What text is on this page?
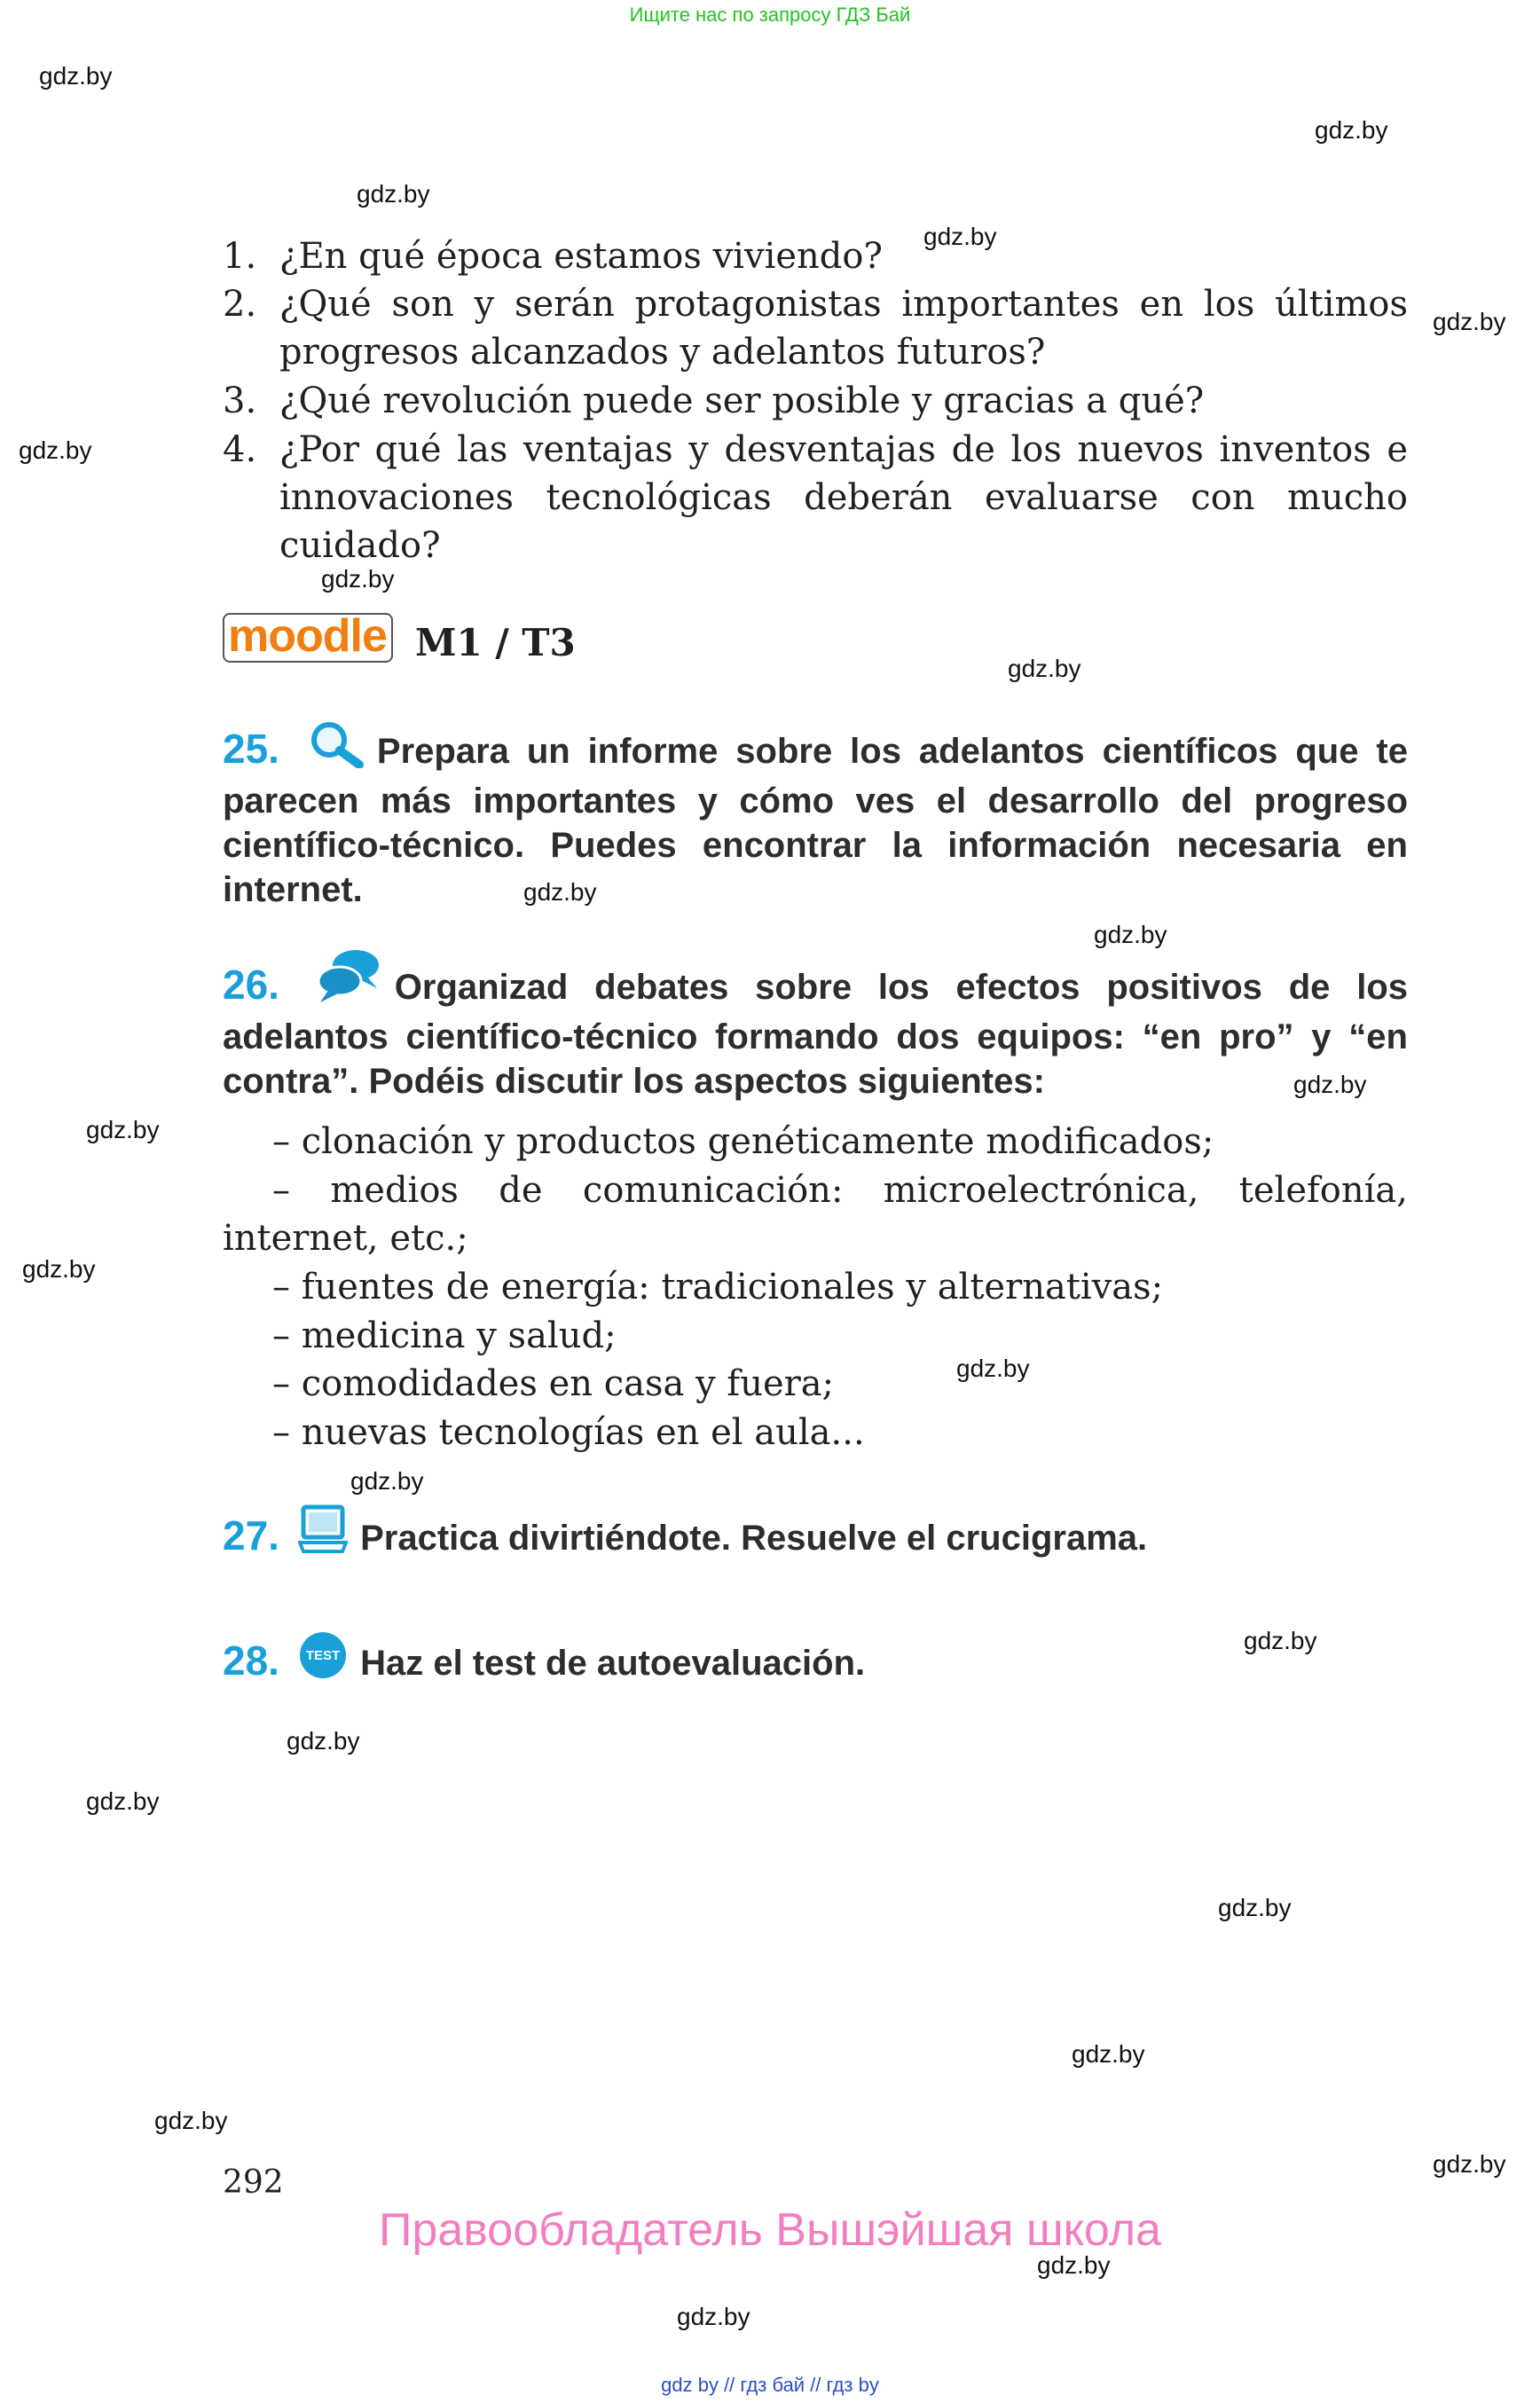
Ищите нас по запросу ГДЗ Бай
gdz.by
gdz.by
gdz.by
gdz.by
gdz.by
gdz.by
gdz.by
gdz.by
gdz.by
gdz.by
gdz.by
gdz.by
gdz.by
gdz.by
gdz.by
gdz.by
gdz.by
gdz.by
gdz.by
gdz.by
gdz.by
gdz.by
gdz.by
gdz.by
1. ¿En qué época estamos viviendo?
2. ¿Qué son y serán protagonistas importantes en los últimos progresos alcanzados y adelantos futuros?
3. ¿Qué revolución puede ser posible y gracias a qué?
4. ¿Por qué las ventajas y desventajas de los nuevos inventos e innovaciones tecnológicas deberán evaluarse con mucho cuidado?
moodle M1 / T3
25.	Prepara un informe sobre los adelantos científicos que te parecen más importantes y cómo ves el desarrollo del progreso científico-técnico. Puedes encontrar la información necesaria en internet.
26.	Organizad debates sobre los efectos positivos de los adelantos científico-técnico formando dos equipos: “en pro” y “en contra”. Podéis discutir los aspectos siguientes:
– clonación y productos genéticamente modificados;
– medios de comunicación: microelectrónica, telefonía, internet, etc.;
– fuentes de energía: tradicionales y alternativas;
– medicina y salud;
– comodidades en casa y fuera;
– nuevas tecnologías en el aula...
27. Practica divirtiéndote. Resuelve el crucigrama.
28. TEST Haz el test de autoevaluación.
292
Правообладатель Вышэйшая школа
gdz by // гдз бай // гдз by
